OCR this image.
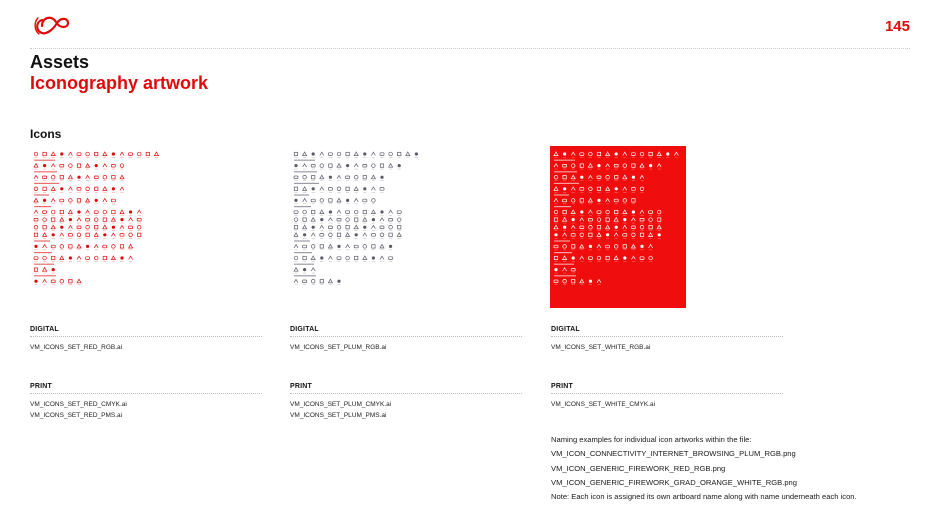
145
Assets
Iconography artwork
Icons
DIGITAL
VM_ICONS_SET_RED_RGB.ai
PRINT
VM_ICONS_SET_RED_CMYK.ai
VM_ICONS_SET_RED_PMS.ai
DIGITAL
VM_ICONS_SET_PLUM_RGB.ai
PRINT
VM_ICONS_SET_PLUM_CMYK.ai
VM_ICONS_SET_PLUM_PMS.ai
DIGITAL
VM_ICONS_SET_WHITE_RGB.ai
PRINT
VM_ICONS_SET_WHITE_CMYK.ai
Naming examples for individual icon artworks within the file:
VM_ICON_CONNECTIVITY_INTERNET_BROWSING_PLUM_RGB.png
VM_ICON_GENERIC_FIREWORK_RED_RGB.png
VM_ICON_GENERIC_FIREWORK_GRAD_ORANGE_WHITE_RGB.png
Note: Each icon is assigned its own artboard name along with name underneath each icon.
